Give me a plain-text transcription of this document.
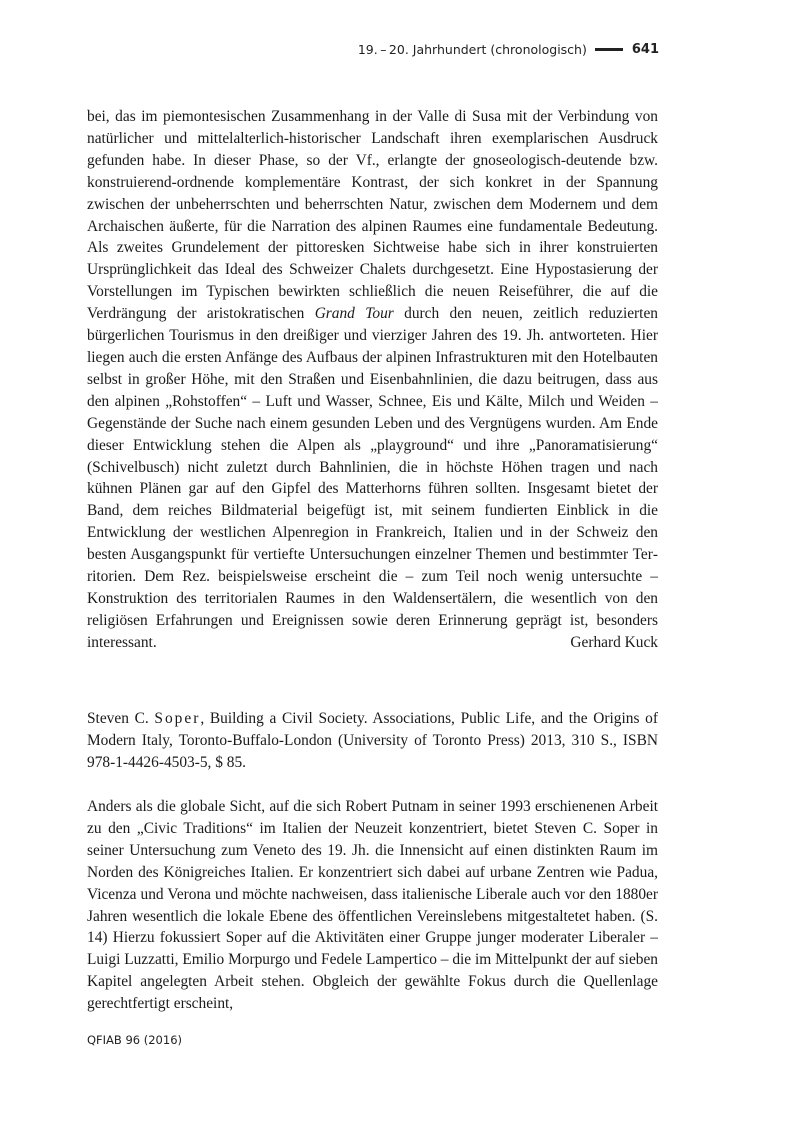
19. – 20. Jahrhundert (chronologisch)	641

bei, das im piemontesischen Zusammenhang in der Valle di Susa mit der Verbindung von natürlicher und mittelalterlich-historischer Landschaft ihren exemplarischen Ausdruck gefunden habe. In dieser Phase, so der Vf., erlangte der gnoseologisch-deutende bzw. konstruierend-ordnende komplementäre Kontrast, der sich konkret in der Spannung zwischen der unbeherrschten und beherrschten Natur, zwischen dem Modernem und dem Archaischen äußerte, für die Narration des alpinen Raumes eine fundamentale Bedeutung. Als zweites Grundelement der pittoresken Sichtweise habe sich in ihrer konstruierten Ursprünglichkeit das Ideal des Schweizer Chalets durchgesetzt. Eine Hypostasierung der Vorstellungen im Typischen bewirkten schließlich die neuen Reiseführer, die auf die Verdrängung der aristokratischen Grand Tour durch den neuen, zeitlich reduzierten bürgerlichen Tourismus in den dreißiger und vierziger Jahren des 19. Jh. antworteten. Hier liegen auch die ersten Anfänge des Aufbaus der alpinen Infrastrukturen mit den Hotelbauten selbst in großer Höhe, mit den Straßen und Eisenbahnlinien, die dazu beitrugen, dass aus den alpinen „Rohstoffen“ – Luft und Wasser, Schnee, Eis und Kälte, Milch und Weiden – Gegenstände der Suche nach einem gesunden Leben und des Vergnügens wurden. Am Ende dieser Entwicklung stehen die Alpen als „playground“ und ihre „Panoramatisierung“ (Schivelbusch) nicht zuletzt durch Bahnlinien, die in höchste Höhen tragen und nach kühnen Plänen gar auf den Gipfel des Matterhorns führen sollten. Insgesamt bietet der Band, dem reiches Bildmaterial beigefügt ist, mit seinem fundierten Einblick in die Entwicklung der westlichen Alpenregion in Frankreich, Italien und in der Schweiz den besten Ausgangspunkt für vertiefte Untersuchungen einzelner Themen und bestimmter Territorien. Dem Rez. beispielsweise erscheint die – zum Teil noch wenig untersuchte – Konstruktion des territorialen Raumes in den Waldensertälern, die wesentlich von den religiösen Erfahrungen und Ereignissen sowie deren Erinnerung geprägt ist, besonders interessant.	Gerhard Kuck

Steven C. Soper, Building a Civil Society. Associations, Public Life, and the Origins of Modern Italy, Toronto-Buffalo-London (University of Toronto Press) 2013, 310 S., ISBN 978-1-4426-4503-5, $ 85.

Anders als die globale Sicht, auf die sich Robert Putnam in seiner 1993 erschienenen Arbeit zu den „Civic Traditions“ im Italien der Neuzeit konzentriert, bietet Steven C. Soper in seiner Untersuchung zum Veneto des 19. Jh. die Innensicht auf einen distinkten Raum im Norden des Königreiches Italien. Er konzentriert sich dabei auf urbane Zentren wie Padua, Vicenza und Verona und möchte nachweisen, dass italienische Liberale auch vor den 1880er Jahren wesentlich die lokale Ebene des öffentlichen Vereinslebens mitgestaltetet haben. (S. 14) Hierzu fokussiert Soper auf die Aktivitäten einer Gruppe junger moderater Liberaler – Luigi Luzzatti, Emilio Morpurgo und Fedele Lampertico – die im Mittelpunkt der auf sieben Kapitel angelegten Arbeit stehen. Obgleich der gewählte Fokus durch die Quellenlage gerechtfertigt erscheint,

QFIAB 96 (2016)
